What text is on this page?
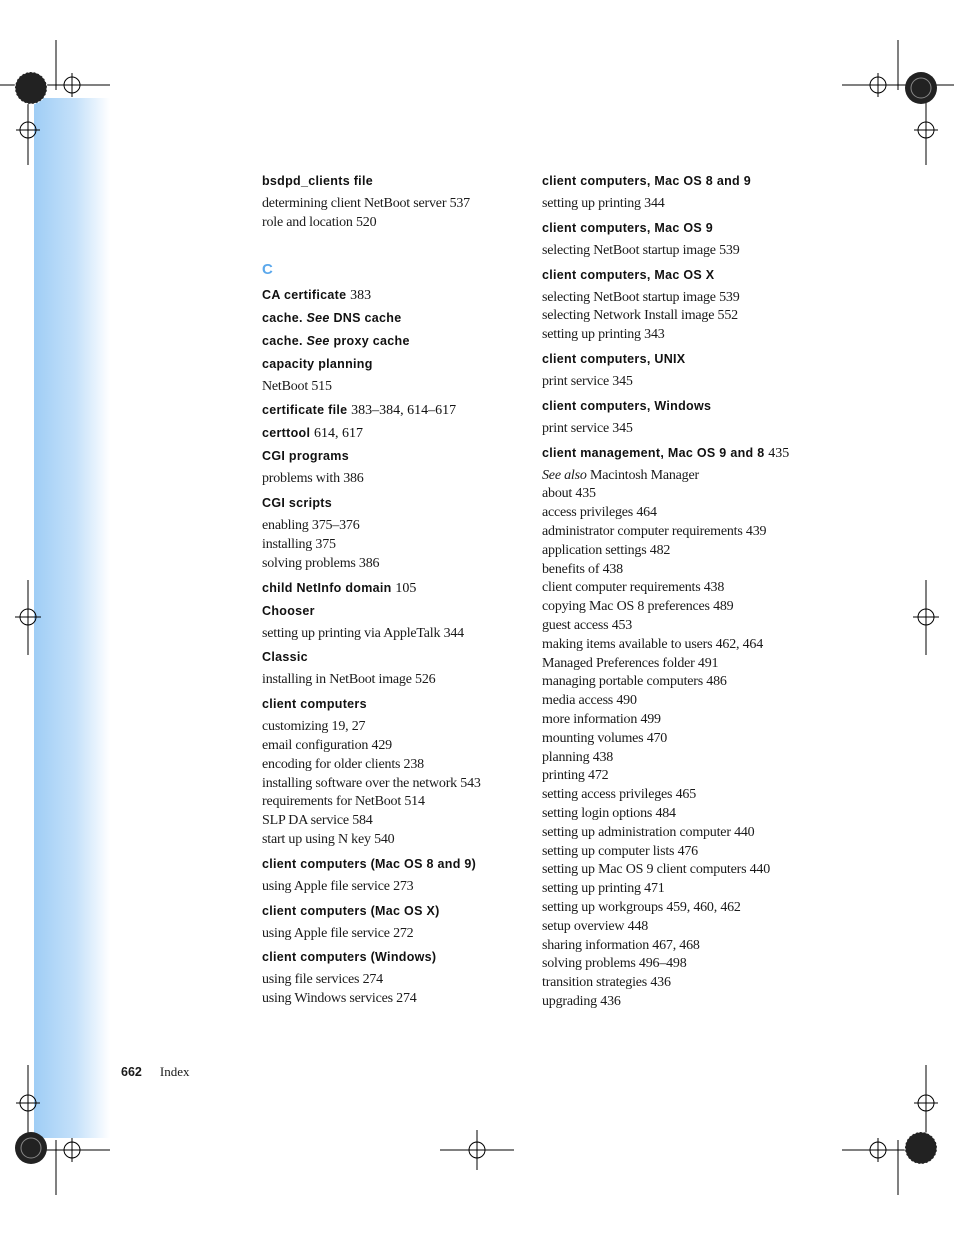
bsdpd_clients file
determining client NetBoot server 537
role and location 520
C
CA certificate 383
cache. See DNS cache
cache. See proxy cache
capacity planning
NetBoot 515
certificate file 383–384, 614–617
certtool 614, 617
CGI programs
problems with 386
CGI scripts
enabling 375–376
installing 375
solving problems 386
child NetInfo domain 105
Chooser
setting up printing via AppleTalk 344
Classic
installing in NetBoot image 526
client computers
customizing 19, 27
email configuration 429
encoding for older clients 238
installing software over the network 543
requirements for NetBoot 514
SLP DA service 584
start up using N key 540
client computers (Mac OS 8 and 9)
using Apple file service 273
client computers (Mac OS X)
using Apple file service 272
client computers (Windows)
using file services 274
using Windows services 274
client computers, Mac OS 8 and 9
setting up printing 344
client computers, Mac OS 9
selecting NetBoot startup image 539
client computers, Mac OS X
selecting NetBoot startup image 539
selecting Network Install image 552
setting up printing 343
client computers, UNIX
print service 345
client computers, Windows
print service 345
client management, Mac OS 9 and 8 435
See also Macintosh Manager
about 435
access privileges 464
administrator computer requirements 439
application settings 482
benefits of 438
client computer requirements 438
copying Mac OS 8 preferences 489
guest access 453
making items available to users 462, 464
Managed Preferences folder 491
managing portable computers 486
media access 490
more information 499
mounting volumes 470
planning 438
printing 472
setting access privileges 465
setting login options 484
setting up administration computer 440
setting up computer lists 476
setting up Mac OS 9 client computers 440
setting up printing 471
setting up workgroups 459, 460, 462
setup overview 448
sharing information 467, 468
solving problems 496–498
transition strategies 436
upgrading 436
662 Index
